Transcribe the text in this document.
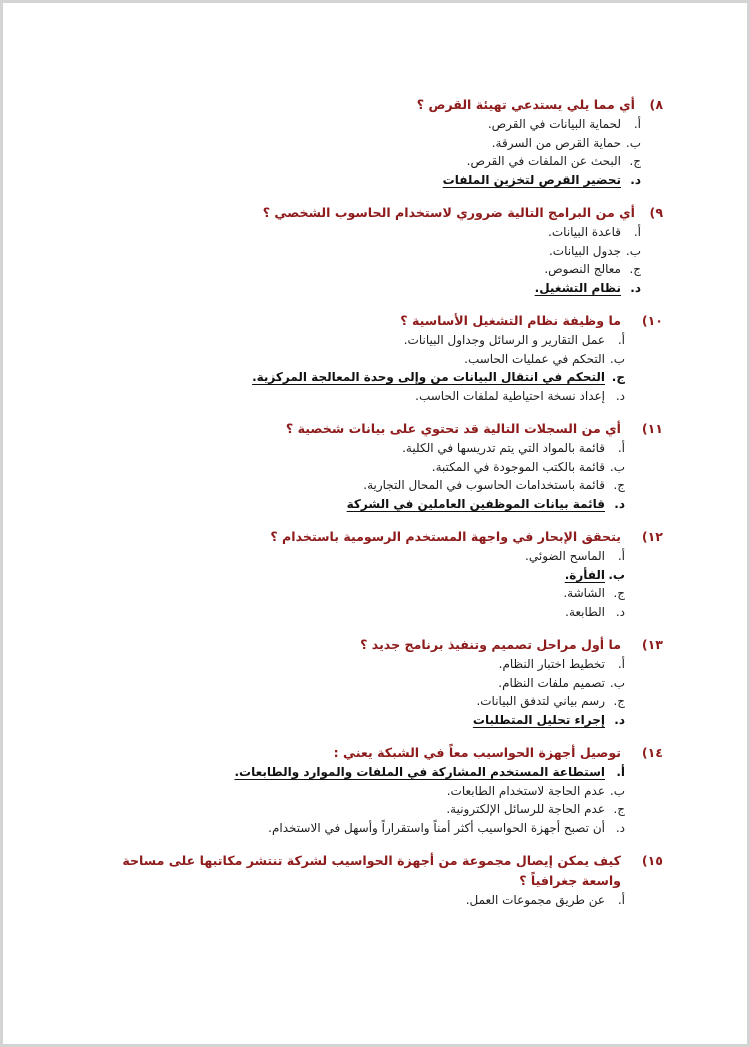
٨)
أي مما يلي يستدعي تهيئة القرص ؟
أ.
لحماية البيانات في القرص.
ب.
حماية القرص من السرقة.
ج.
البحث عن الملفات في القرص.
د.
تحضير القرص لتخزين الملفات
٩)
أي من البرامج التالية ضروري لاستخدام الحاسوب الشخصي ؟
أ.
قاعدة البيانات.
ب.
جدول البيانات.
ج.
معالج النصوص.
د.
نظام التشغيل.
١٠)
ما وظيفة نظام التشغيل الأساسية ؟
أ.
عمل التقارير و الرسائل وجداول البيانات.
ب.
التحكم في عمليات الحاسب.
ج.
التحكم في انتقال البيانات من وإلى وحدة المعالجة المركزية.
د.
إعداد نسخة احتياطية لملفات الحاسب.
١١)
أي من السجلات التالية قد تحتوي على بيانات شخصية ؟
أ.
قائمة بالمواد التي يتم تدريسها في الكلية.
ب.
قائمة بالكتب الموجودة في المكتبة.
ج.
قائمة باستخدامات الحاسوب في المحال التجارية.
د.
قائمة بيانات الموظفين العاملين في الشركة
١٢)
يتحقق الإبحار في واجهة المستخدم الرسومية باستخدام ؟
أ.
الماسح الضوئي.
ب.
الفأرة.
ج.
الشاشة.
د.
الطابعة.
١٣)
ما أول مراحل تصميم وتنفيذ برنامج جديد ؟
أ.
تخطيط اختبار النظام.
ب.
تصميم ملفات النظام.
ج.
رسم بياني لتدفق البيانات.
د.
إجراء تحليل المتطلبات
١٤)
توصيل أجهزة الحواسيب معاً في الشبكة يعني :
أ.
استطاعة المستخدم المشاركة في الملفات والموارد والطابعات.
ب.
عدم الحاجة لاستخدام الطابعات.
ج.
عدم الحاجة للرسائل الإلكترونية.
د.
أن تصبح أجهزة الحواسيب أكثر أمناً واستقراراً وأسهل في الاستخدام.
١٥)
كيف يمكن إيصال مجموعة من أجهزة الحواسيب لشركة تنتشر مكاتبها على مساحة واسعة جغرافياً ؟
أ.
عن طريق مجموعات العمل.
